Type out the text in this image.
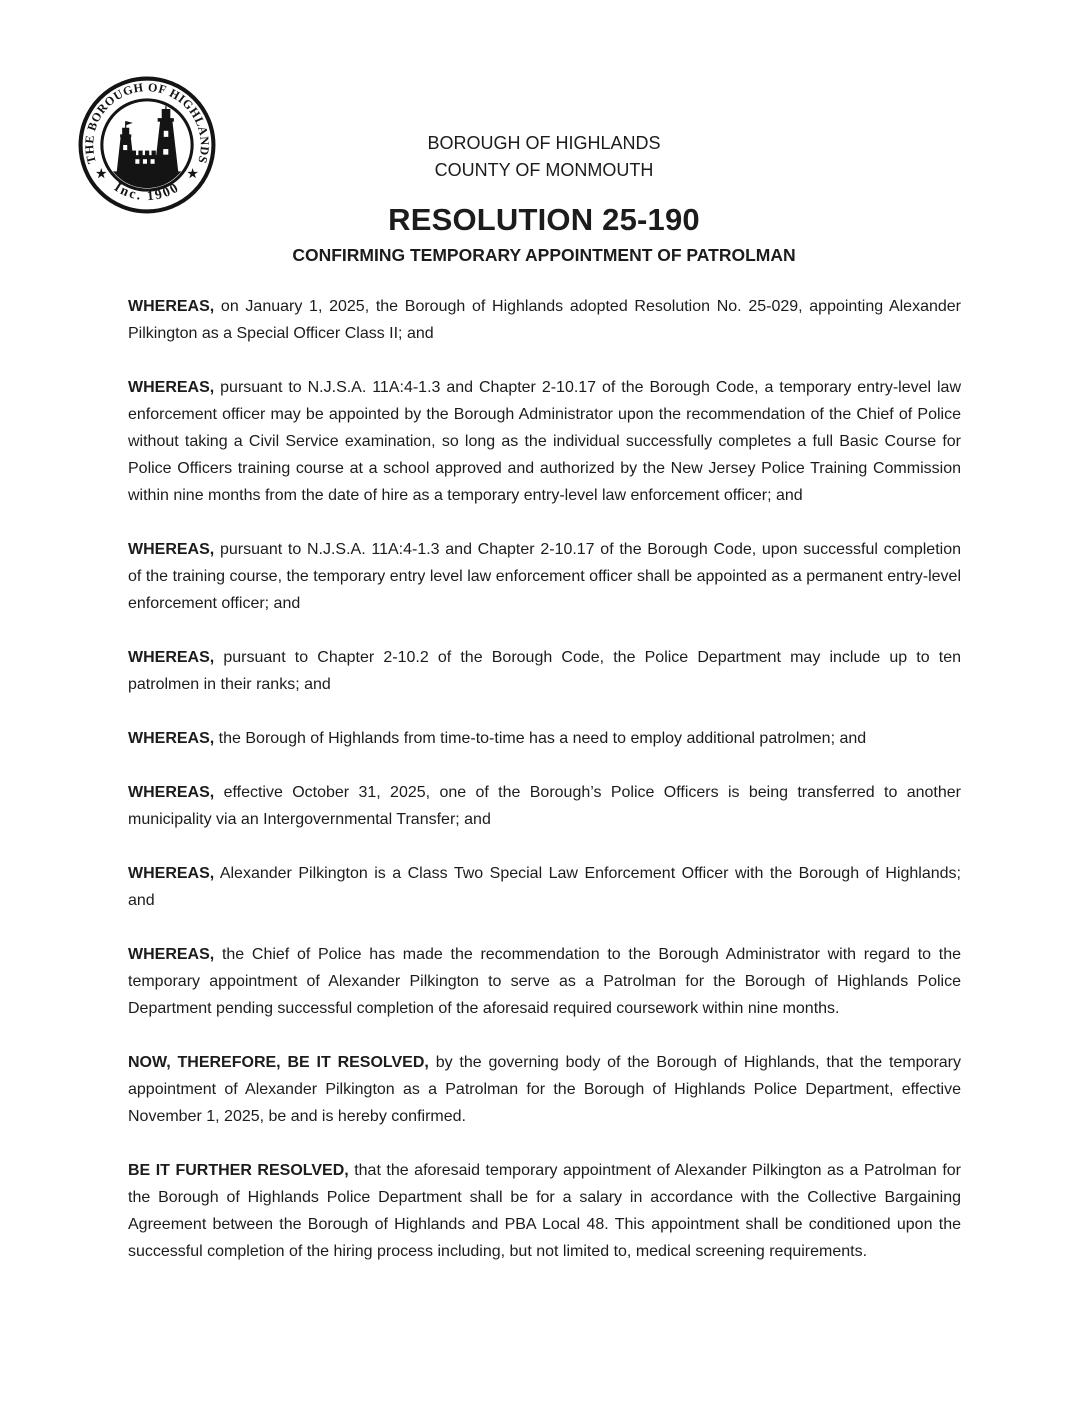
THE BOROUGH OF HIGHLANDS
Inc. 1900
★	★
BOROUGH OF HIGHLANDS
COUNTY OF MONMOUTH
RESOLUTION 25-190
CONFIRMING TEMPORARY APPOINTMENT OF PATROLMAN

WHEREAS, on January 1, 2025, the Borough of Highlands adopted Resolution No. 25-029, appointing Alexander Pilkington as a Special Officer Class II; and

WHEREAS, pursuant to N.J.S.A. 11A:4-1.3 and Chapter 2-10.17 of the Borough Code, a temporary entry-level law enforcement officer may be appointed by the Borough Administrator upon the recommendation of the Chief of Police without taking a Civil Service examination, so long as the individual successfully completes a full Basic Course for Police Officers training course at a school approved and authorized by the New Jersey Police Training Commission within nine months from the date of hire as a temporary entry-level law enforcement officer; and

WHEREAS, pursuant to N.J.S.A. 11A:4-1.3 and Chapter 2-10.17 of the Borough Code, upon successful completion of the training course, the temporary entry level law enforcement officer shall be appointed as a permanent entry-level enforcement officer; and

WHEREAS, pursuant to Chapter 2-10.2 of the Borough Code, the Police Department may include up to ten patrolmen in their ranks; and

WHEREAS, the Borough of Highlands from time-to-time has a need to employ additional patrolmen; and

WHEREAS, effective October 31, 2025, one of the Borough’s Police Officers is being transferred to another municipality via an Intergovernmental Transfer; and

WHEREAS, Alexander Pilkington is a Class Two Special Law Enforcement Officer with the Borough of Highlands; and

WHEREAS, the Chief of Police has made the recommendation to the Borough Administrator with regard to the temporary appointment of Alexander Pilkington to serve as a Patrolman for the Borough of Highlands Police Department pending successful completion of the aforesaid required coursework within nine months.

NOW, THEREFORE, BE IT RESOLVED, by the governing body of the Borough of Highlands, that the temporary appointment of Alexander Pilkington as a Patrolman for the Borough of Highlands Police Department, effective November 1, 2025, be and is hereby confirmed.

BE IT FURTHER RESOLVED, that the aforesaid temporary appointment of Alexander Pilkington as a Patrolman for the Borough of Highlands Police Department shall be for a salary in accordance with the Collective Bargaining Agreement between the Borough of Highlands and PBA Local 48. This appointment shall be conditioned upon the successful completion of the hiring process including, but not limited to, medical screening requirements.
